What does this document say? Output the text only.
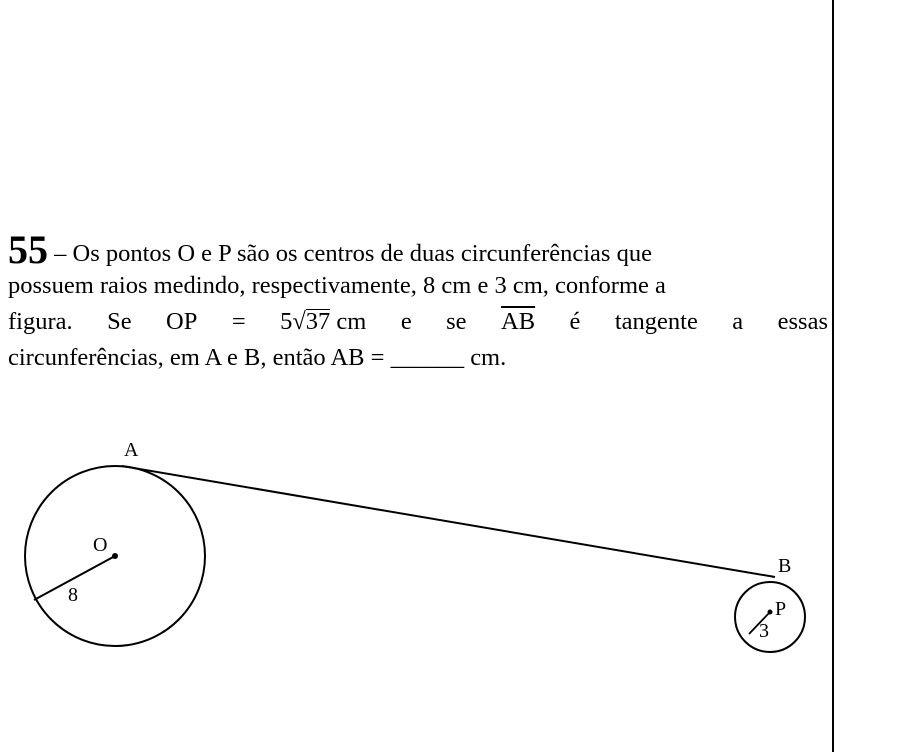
55 – Os pontos O e P são os centros de duas circunferências que
possuem raios medindo, respectivamente, 8 cm e 3 cm, conforme a
figura. Se OP = 5√37 cm e se $\overline{AB}$ é tangente a essas
circunferências, em A e B, então AB = ______ cm.
A
B
O
P
8
3
